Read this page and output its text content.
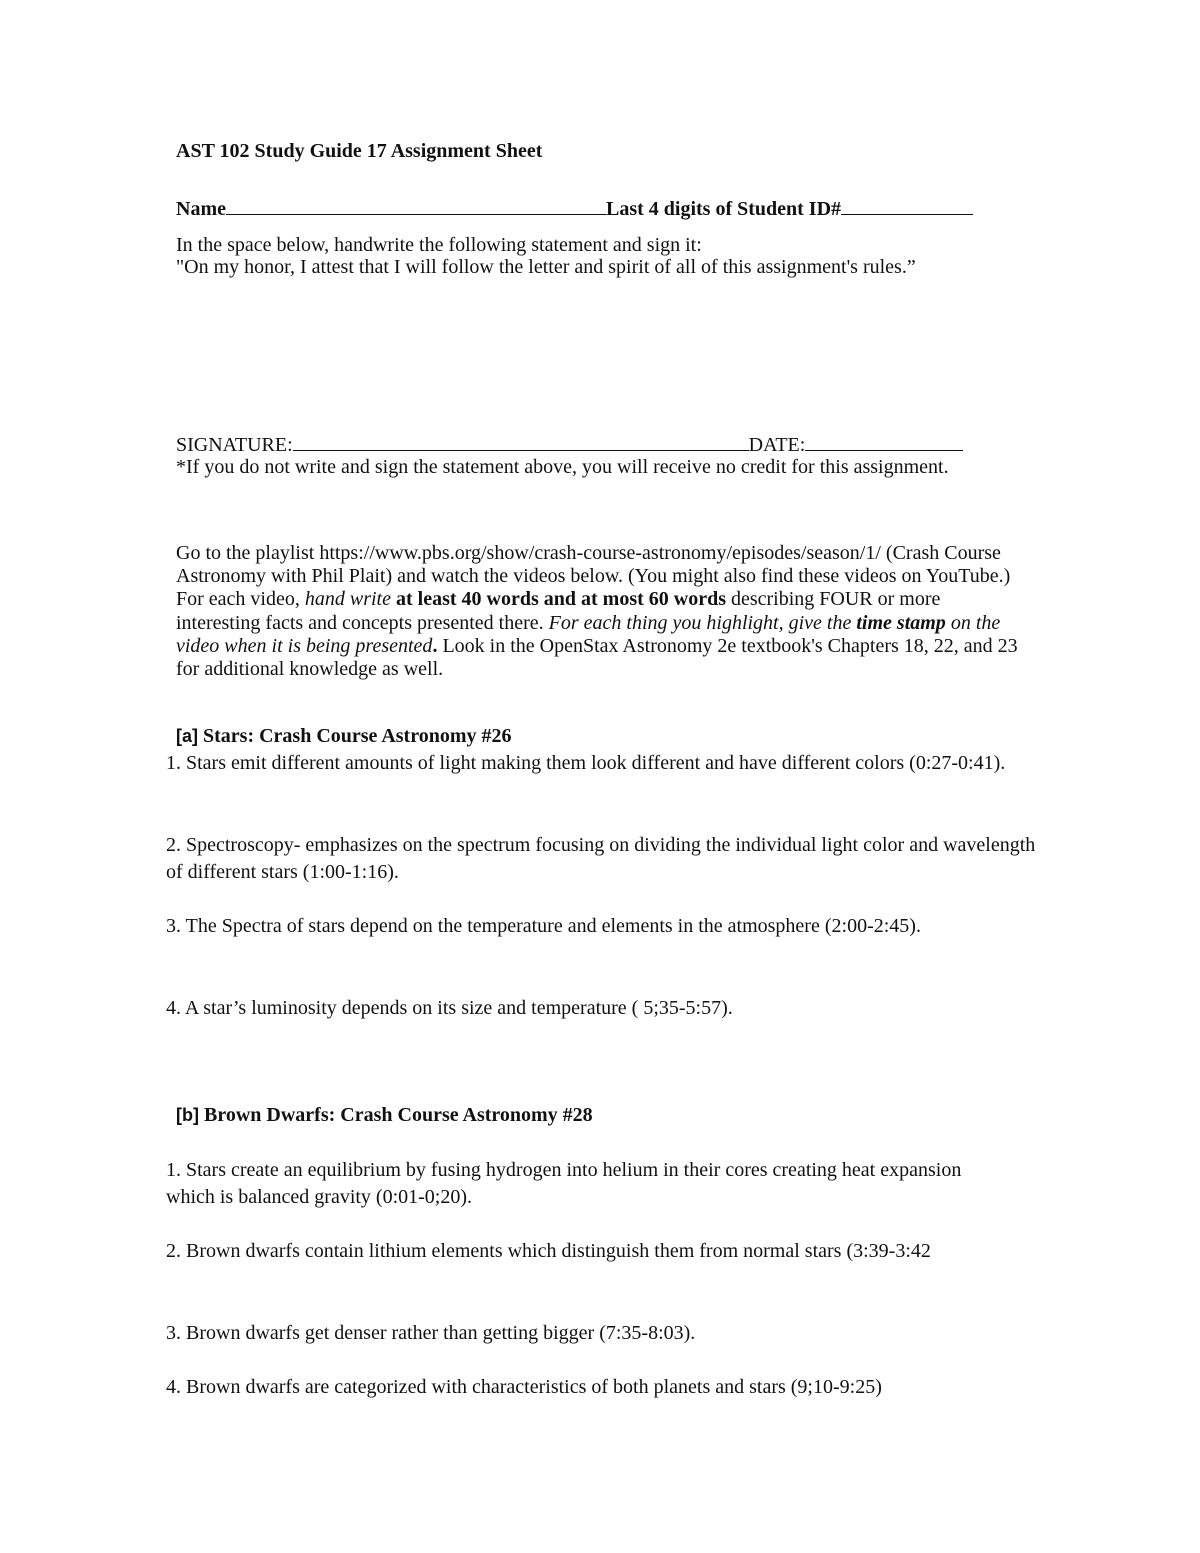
AST 102 Study Guide 17 Assignment Sheet
Name	Last 4 digits of Student ID#
In the space below, handwrite the following statement and sign it:
"On my honor, I attest that I will follow the letter and spirit of all of this assignment's rules.”
SIGNATURE:	DATE:
*If you do not write and sign the statement above, you will receive no credit for this assignment.
Go to the playlist https://www.pbs.org/show/crash-course-astronomy/episodes/season/1/ (Crash Course Astronomy with Phil Plait) and watch the videos below. (You might also find these videos on YouTube.) For each video, hand write at least 40 words and at most 60 words describing FOUR or more interesting facts and concepts presented there. For each thing you highlight, give the time stamp on the video when it is being presented. Look in the OpenStax Astronomy 2e textbook's Chapters 18, 22, and 23 for additional knowledge as well.
[a] Stars: Crash Course Astronomy #26
1. Stars emit different amounts of light making them look different and have different colors (0:27-0:41).
2. Spectroscopy- emphasizes on the spectrum focusing on dividing the individual light color and wavelength of different stars (1:00-1:16).
3. The Spectra of stars depend on the temperature and elements in the atmosphere (2:00-2:45).
4. A star’s luminosity depends on its size and temperature ( 5;35-5:57).
[b] Brown Dwarfs: Crash Course Astronomy #28
1. Stars create an equilibrium by fusing hydrogen into helium in their cores creating heat expansion which is balanced gravity (0:01-0;20).
2. Brown dwarfs contain lithium elements which distinguish them from normal stars (3:39-3:42
3. Brown dwarfs get denser rather than getting bigger (7:35-8:03).
4. Brown dwarfs are categorized with characteristics of both planets and stars (9;10-9:25)
